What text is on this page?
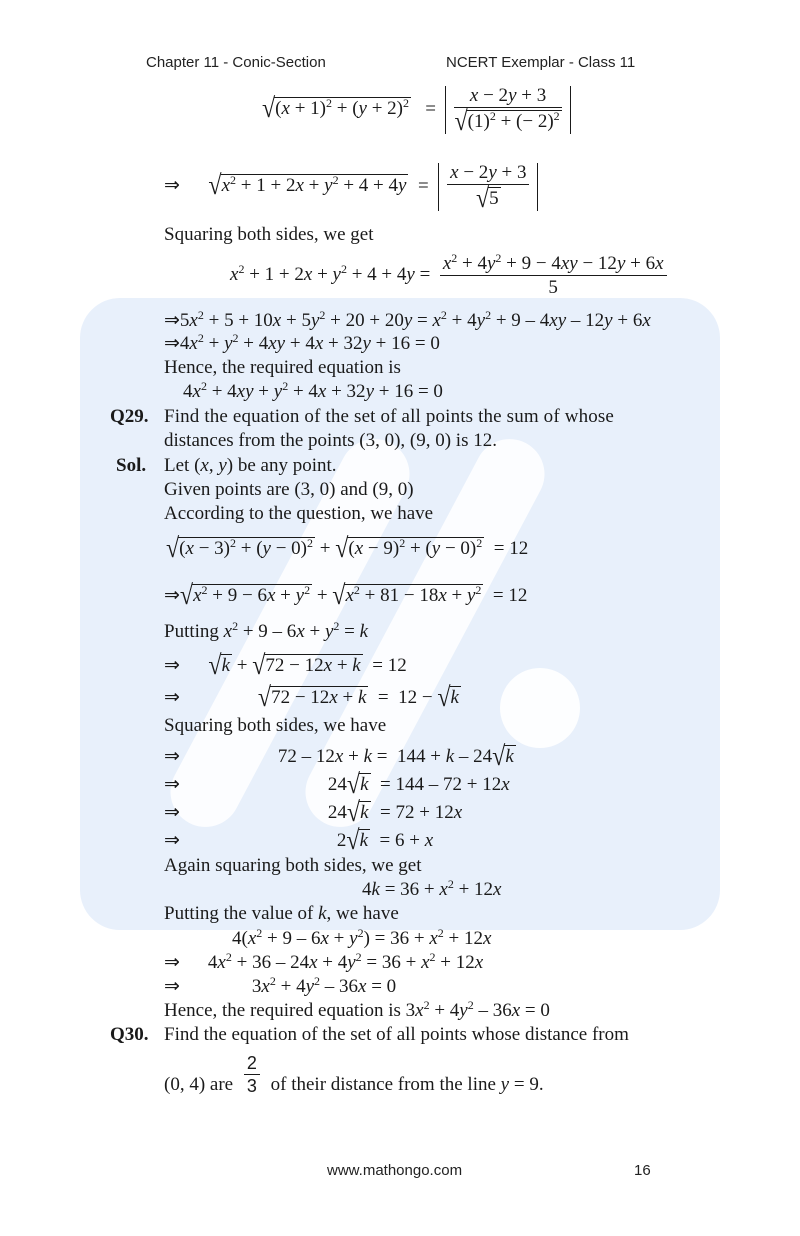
Chapter 11 - Conic-Section	NCERT Exemplar - Class 11
$√(x + 1)^2 + (y + 2)^2 = \frac{x - 2y + 3}{√(1)^2 + (- 2)^2}$
⇒ $√x^2 + 1 + 2x + y^2 + 4 + 4y = \frac{x - 2y + 3}{√5}$
Squaring both sides, we get
$x^2 + 1 + 2x + y^2 + 4 + 4y = \frac{x^2 + 4y^2 + 9 - 4xy - 12y + 6x}{5}$
$\Rightarrow 5x^2 + 5 + 10x + 5y^2 + 20 + 20y = x^2 + 4y^2 + 9 - 4xy - 12y + 6x$
$\Rightarrow 4x^2 + y^2 + 4xy + 4x + 32y + 16 = 0$
Hence, the required equation is
$4x^2 + 4xy + y^2 + 4x + 32y + 16 = 0$
Q29. Find the equation of the set of all points the sum of whose
distances from the points (3, 0), (9, 0) is 12.
Sol. Let (x, y) be any point.
Given points are (3, 0) and (9, 0)
According to the question, we have
$√(x - 3)^2 + (y - 0)^2 + √(x - 9)^2 + (y - 0)^2 = 12$
$\Rightarrow√x^2 + 9 - 6x + y^2 + √x^2 + 81 - 18x + y^2 = 12$
Putting $x^2 + 9 - 6x + y^2 = k$
⇒      √k + √72 − 12x + k  = 12
⇒	√72 − 12x + k  =  12 − √k
Squaring both sides, we have
⇒	72 – 12x + k =  144 + k – 24√k
⇒	24√k  = 144 – 72 + 12x
⇒	24√k  = 72 + 12x
⇒	2√k  = 6 + x
Again squaring both sides, we get
$4k = 36 + x^2 + 12x$
Putting the value of k, we have
$4(x^2 + 9 - 6x + y^2) = 36 + x^2 + 12x$
⇒ $4x^2 + 36 - 24x + 4y^2 = 36 + x^2 + 12x$
⇒	$3x^2 + 4y^2 - 36x = 0$
Hence, the required equation is $3x^2 + 4y^2 - 36x = 0$
Q30. Find the equation of the set of all points whose distance from
(0, 4) are $\frac{2}{3}$ of their distance from the line y = 9.
www.mathongo.com	16
